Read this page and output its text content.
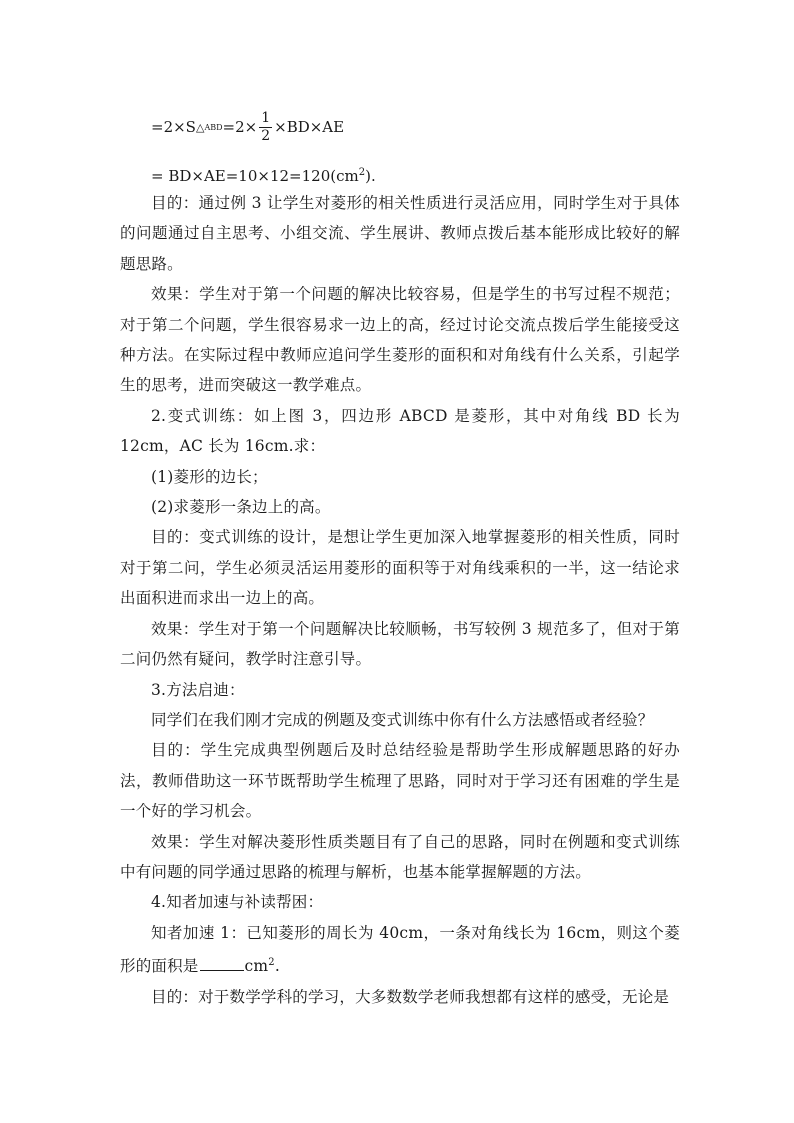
=2×S △ ABD $=2\times \frac{1}{2} \times BD\times AE$
= $BD\times AE=10\times 12=120(cm^2)$.

目的：通过例 3 让学生对菱形的相关性质进行灵活应用，同时学生对于具体的问题通过自主思考、小组交流、学生展讲、教师点拨后基本能形成比较好的解题思路。

效果：学生对于第一个问题的解决比较容易，但是学生的书写过程不规范；对于第二个问题，学生很容易求一边上的高，经过讨论交流点拨后学生能接受这种方法。在实际过程中教师应追问学生菱形的面积和对角线有什么关系，引起学生的思考，进而突破这一教学难点。

2.变式训练：如上图 3，四边形 ABCD 是菱形，其中对角线 BD 长为 12cm，AC 长为 16cm.求：

(1)菱形的边长；

(2)求菱形一条边上的高。

目的：变式训练的设计，是想让学生更加深入地掌握菱形的相关性质，同时对于第二问，学生必须灵活运用菱形的面积等于对角线乘积的一半，这一结论求出面积进而求出一边上的高。

效果：学生对于第一个问题解决比较顺畅，书写较例 3 规范多了，但对于第二问仍然有疑问，教学时注意引导。

3.方法启迪：

同学们在我们刚才完成的例题及变式训练中你有什么方法感悟或者经验？

目的：学生完成典型例题后及时总结经验是帮助学生形成解题思路的好办法，教师借助这一环节既帮助学生梳理了思路，同时对于学习还有困难的学生是一个好的学习机会。

效果：学生对解决菱形性质类题目有了自己的思路，同时在例题和变式训练中有问题的同学通过思路的梳理与解析，也基本能掌握解题的方法。

4.知者加速与补读帮困：

知者加速 1：已知菱形的周长为 40cm，一条对角线长为 16cm，则这个菱形的面积是	$cm^2$.

目的：对于数学学科的学习，大多数数学老师我想都有这样的感受，无论是
